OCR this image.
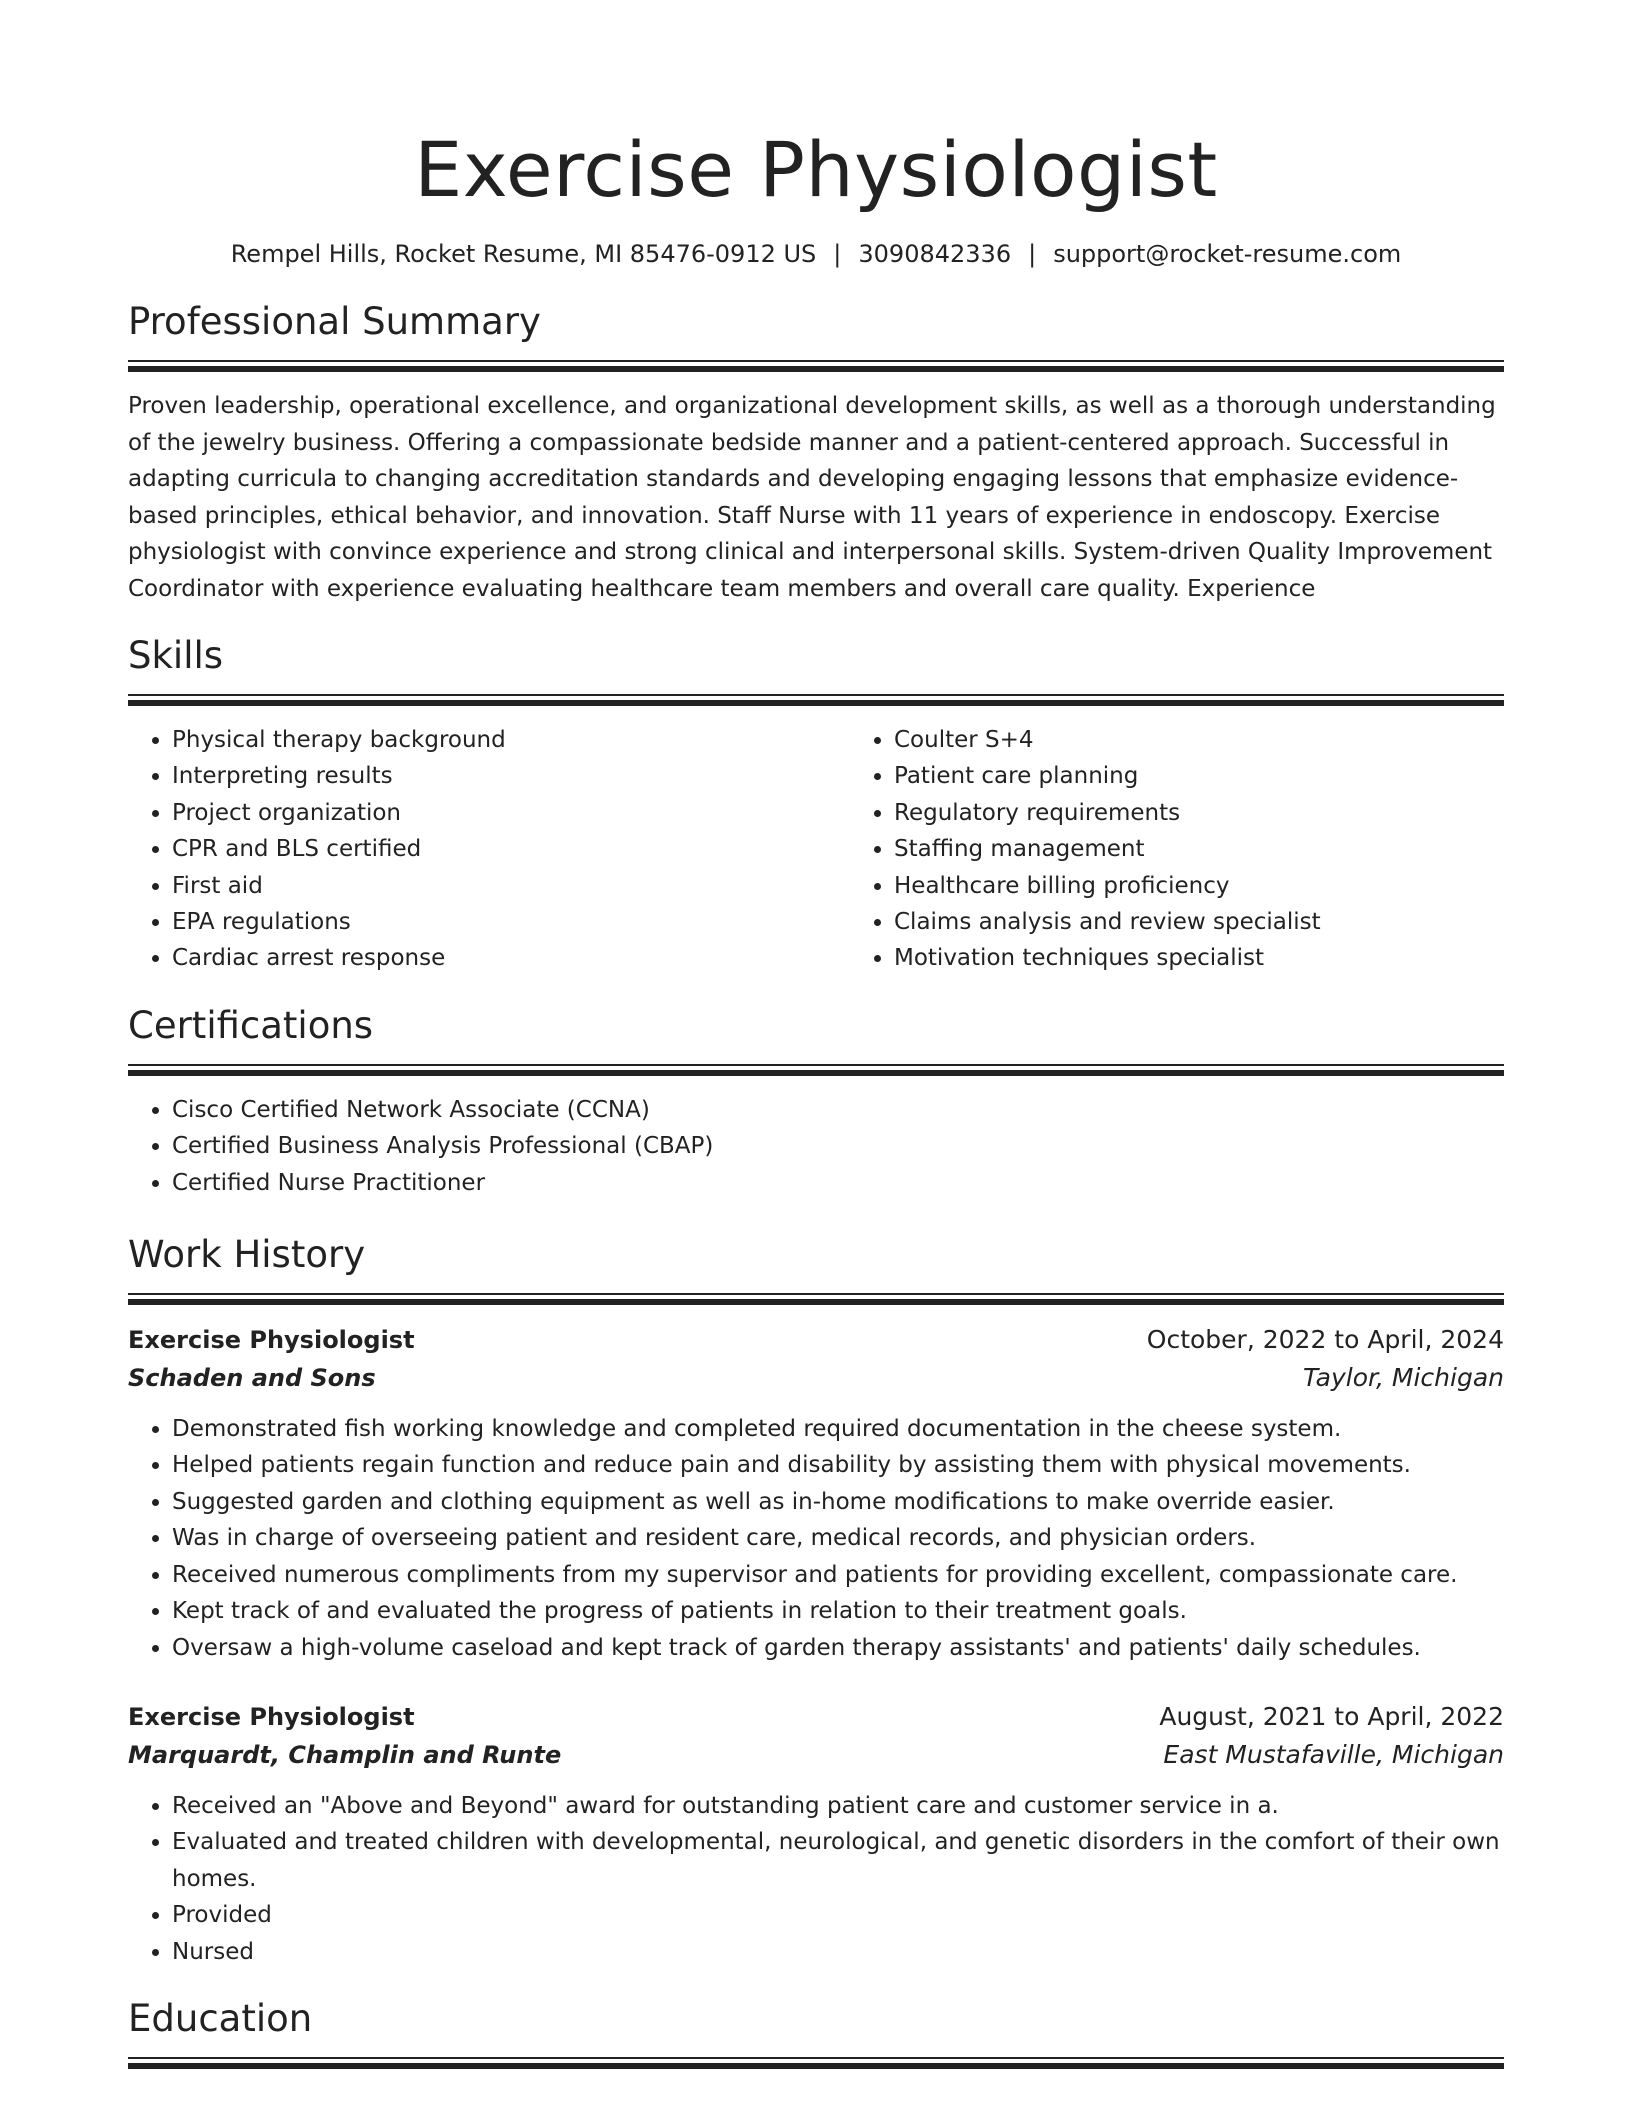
Exercise Physiologist
Rempel Hills, Rocket Resume, MI 85476-0912 US | 3090842336 | support@rocket-resume.com
Professional Summary

Proven leadership, operational excellence, and organizational development skills, as well as a thorough understanding of the jewelry business. Offering a compassionate bedside manner and a patient-centered approach. Successful in adapting curricula to changing accreditation standards and developing engaging lessons that emphasize evidence-based principles, ethical behavior, and innovation. Staff Nurse with 11 years of experience in endoscopy. Exercise physiologist with convince experience and strong clinical and interpersonal skills. System-driven Quality Improvement Coordinator with experience evaluating healthcare team members and overall care quality. Experience

Skills
• Physical therapy background
• Interpreting results
• Project organization
• CPR and BLS certified
• First aid
• EPA regulations
• Cardiac arrest response
• Coulter S+4
• Patient care planning
• Regulatory requirements
• Staffing management
• Healthcare billing proficiency
• Claims analysis and review specialist
• Motivation techniques specialist
Certifications
• Cisco Certified Network Associate (CCNA)
• Certified Business Analysis Professional (CBAP)
• Certified Nurse Practitioner
Work History
Exercise Physiologist	October, 2022 to April, 2024
Schaden and Sons	Taylor, Michigan
• Demonstrated fish working knowledge and completed required documentation in the cheese system.
• Helped patients regain function and reduce pain and disability by assisting them with physical movements.
• Suggested garden and clothing equipment as well as in-home modifications to make override easier.
• Was in charge of overseeing patient and resident care, medical records, and physician orders.
• Received numerous compliments from my supervisor and patients for providing excellent, compassionate care.
• Kept track of and evaluated the progress of patients in relation to their treatment goals.
• Oversaw a high-volume caseload and kept track of garden therapy assistants' and patients' daily schedules.
Exercise Physiologist	August, 2021 to April, 2022
Marquardt, Champlin and Runte	East Mustafaville, Michigan
• Received an "Above and Beyond" award for outstanding patient care and customer service in a.
• Evaluated and treated children with developmental, neurological, and genetic disorders in the comfort of their own homes.
• Provided
• Nursed
Education
